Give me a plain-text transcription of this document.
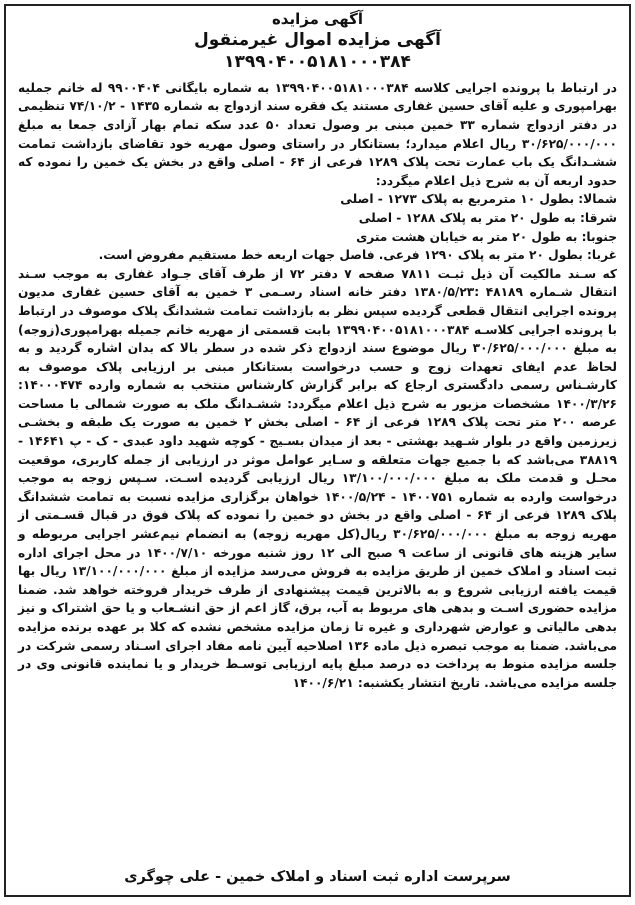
آگهی مزایده
آگهی مزایده اموال غیرمنقول
۱۳۹۹۰۴۰۰۵۱۸۱۰۰۰۳۸۴

در ارتباط با پرونده اجرایی کلاسه ۱۳۹۹۰۴۰۰۵۱۸۱۰۰۰۳۸۴ به شماره بایگانی ۹۹۰۰۴۰۴ له خانم جملیه بهرامپوری و علیه آقای حسین غفاری مستند یک فقره سند ازدواج به شماره ۱۴۳۵ - ۷۴/۱۰/۲ تنظیمی در دفتر ازدواج شماره ۳۳ خمین مبنی بر وصول تعداد ۵۰ عدد سکه تمام بهار آزادی جمعا به مبلغ ۳۰/۶۲۵/۰۰۰/۰۰۰ ریال اعلام میدارد؛ بستانکار در راستای وصول مهریه خود تقاضای بازداشت تمامت ششـدانگ یک باب عمارت تحت پلاک ۱۲۸۹ فرعی از ۶۴ - اصلی واقع در بخش یک خمین را نموده که حدود اربعه آن به شرح ذیل اعلام میگردد:

شمالا: بطول ۱۰ مترمربع به پلاک ۱۲۷۳ - اصلی

شرقا: به طول ۲۰ متر به پلاک ۱۲۸۸ - اصلی

جنوبا: به طول ۲۰ متر به خیابان هشت متری

غربا: بطول ۲۰ متر به پلاک ۱۲۹۰ فرعی. فاصل جهات اربعه خط مستقیم مفروض است.

که سـند مالکیت آن ذیل ثبـت ۷۸۱۱ صفحه ۷ دفتر ۷۲ از طرف آقای جـواد غفاری به موجب سـند انتقال شـماره ۴۸۱۸۹ :۱۳۸۰/۵/۲۳ دفتر خانه اسناد رسـمی ۳ خمین به آقای حسین غفاری مدیون پرونده اجرایی انتقال قطعی گردیده سپس نظر به بازداشت تمامت ششدانگ پلاک موصوف در ارتباط با پرونده اجرایی کلاسـه ۱۳۹۹۰۴۰۰۵۱۸۱۰۰۰۳۸۴ بابت قسمتی از مهریه خانم جمیله بهرامپوری(زوجه) به مبلغ ۳۰/۶۲۵/۰۰۰/۰۰۰ ریال موضوع سند ازدواج ذکر شده در سطر بالا که بدان اشاره گردید و به لحاظ عدم ایفای تعهدات زوج و حسب درخواست بستانکار مبنی بر ارزیابی پلاک موصوف به کارشـناس رسمی دادگستری ارجاع که برابر گزارش کارشناس منتخب به شماره وارده ۱۴۰۰۰۴۷۴: ۱۴۰۰/۳/۲۶ مشخصات مزبور به شرح ذیل اعلام میگردد: ششـدانگ ملک به صورت شمالی با مساحت عرصه ۲۰۰ متر تحت پلاک ۱۲۸۹ فرعی از ۶۴ - اصلی بخش ۲ خمین به صورت یک طبقه و بخشـی زیرزمین واقع در بلوار شـهید بهشتی - بعد از میدان بسـیج - کوچه شهید داود عبدی - ک - پ ۱۴۶۴۱ - ۳۸۸۱۹ می‌باشد که با جمیع جهات متعلقه و سـایر عوامل موثر در ارزیابی از جمله کاربری، موقعیت محـل و قدمت ملک به مبلغ ۱۳/۱۰۰/۰۰۰/۰۰۰ ریال ارزیابی گردیده اسـت. سـپس زوجه به موجب درخواست وارده به شماره ۱۴۰۰۷۵۱ - ۱۴۰۰/۵/۲۴ خواهان برگزاری مزایده نسبت به تمامت ششدانگ پلاک ۱۲۸۹ فرعی از ۶۴ - اصلی واقع در بخش دو خمین را نموده که پلاک فوق در قبال قسـمتی از مهریه زوجه به مبلغ ۳۰/۶۲۵/۰۰۰/۰۰۰ ریال(کل مهریه زوجه) به انضمام نیم‌عشر اجرایی مربوطه و سایر هزینه های قانونی از ساعت ۹ صبح الی ۱۲ روز شنبه مورخه ۱۴۰۰/۷/۱۰ در محل اجرای اداره ثبت اسناد و املاک خمین از طریق مزایده به فروش می‌رسد مزایده از مبلغ ۱۳/۱۰۰/۰۰۰/۰۰۰ ریال بها قیمت یافته ارزیابی شروع و به بالاترین قیمت پیشنهادی از طرف خریدار فروخته خواهد شد. ضمنا مزایده حضوری اسـت و بدهی های مربوط به آب، برق، گاز اعم از حق انشـعاب و یا حق اشتراک و نیز بدهی مالیاتی و عوارض شهرداری و غیره تا زمان مزایده مشخص نشده که کلا بر عهده برنده مزایده می‌باشد. ضمنا به موجب تبصره ذیل ماده ۱۳۶ اصلاحیه آیین نامه مفاد اجرای اسـناد رسمی شرکت در جلسه مزایده منوط به پرداخت ده درصد مبلغ پایه ارزیابی توسـط خریدار و یا نماینده قانونی وی در جلسه مزایده می‌باشد. تاریخ انتشار یکشنبه: ۱۴۰۰/۶/۲۱

سرپرست اداره ثبت اسناد و املاک خمین - علی چوگری
